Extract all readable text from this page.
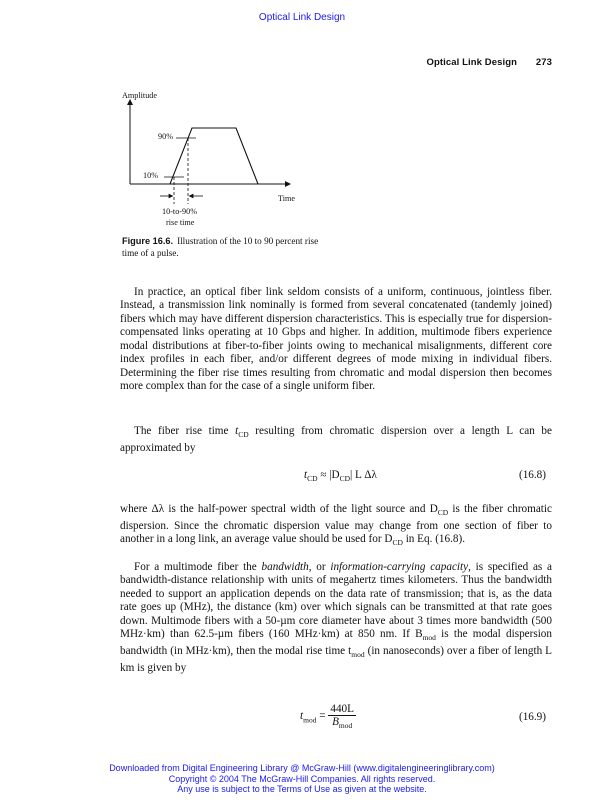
Optical Link Design
Optical Link Design 273
Amplitude
90%
10%
Time
10-to-90%
rise time
Figure 16.6. Illustration of the 10 to 90 percent rise time of a pulse.

In practice, an optical fiber link seldom consists of a uniform, continuous, jointless fiber. Instead, a transmission link nominally is formed from several concatenated (tandemly joined) fibers which may have different dispersion characteristics. This is especially true for dispersion-compensated links operating at 10 Gbps and higher. In addition, multimode fibers experience modal distributions at fiber-to-fiber joints owing to mechanical misalignments, different core index profiles in each fiber, and/or different degrees of mode mixing in individual fibers. Determining the fiber rise times resulting from chromatic and modal dispersion then becomes more complex than for the case of a single uniform fiber.

The fiber rise time $t_{CD}$ resulting from chromatic dispersion over a length L can be approximated by

$t_{CD} \approx |D_{CD}|$ L Δλ	(16.8)

where Δλ is the half-power spectral width of the light source and $D_{CD}$ is the fiber chromatic dispersion. Since the chromatic dispersion value may change from one section of fiber to another in a long link, an average value should be used for $D_{CD}$ in Eq. (16.8).

For a multimode fiber the bandwidth, or information-carrying capacity, is specified as a bandwidth-distance relationship with units of megahertz times kilometers. Thus the bandwidth needed to support an application depends on the data rate of transmission; that is, as the data rate goes up (MHz), the distance (km) over which signals can be transmitted at that rate goes down. Multimode fibers with a 50-µm core diameter have about 3 times more bandwidth (500 MHz·km) than 62.5-µm fibers (160 MHz·km) at 850 nm. If $B_{mod}$ is the modal dispersion bandwidth (in MHz·km), then the modal rise time $t_{mod}$ (in nanoseconds) over a fiber of length L km is given by

$t_{mod} = \frac{440L}{B_{mod}}$	(16.9)
Downloaded from Digital Engineering Library @ McGraw-Hill (www.digitalengineeringlibrary.com)
Copyright © 2004 The McGraw-Hill Companies. All rights reserved.
Any use is subject to the Terms of Use as given at the website.
